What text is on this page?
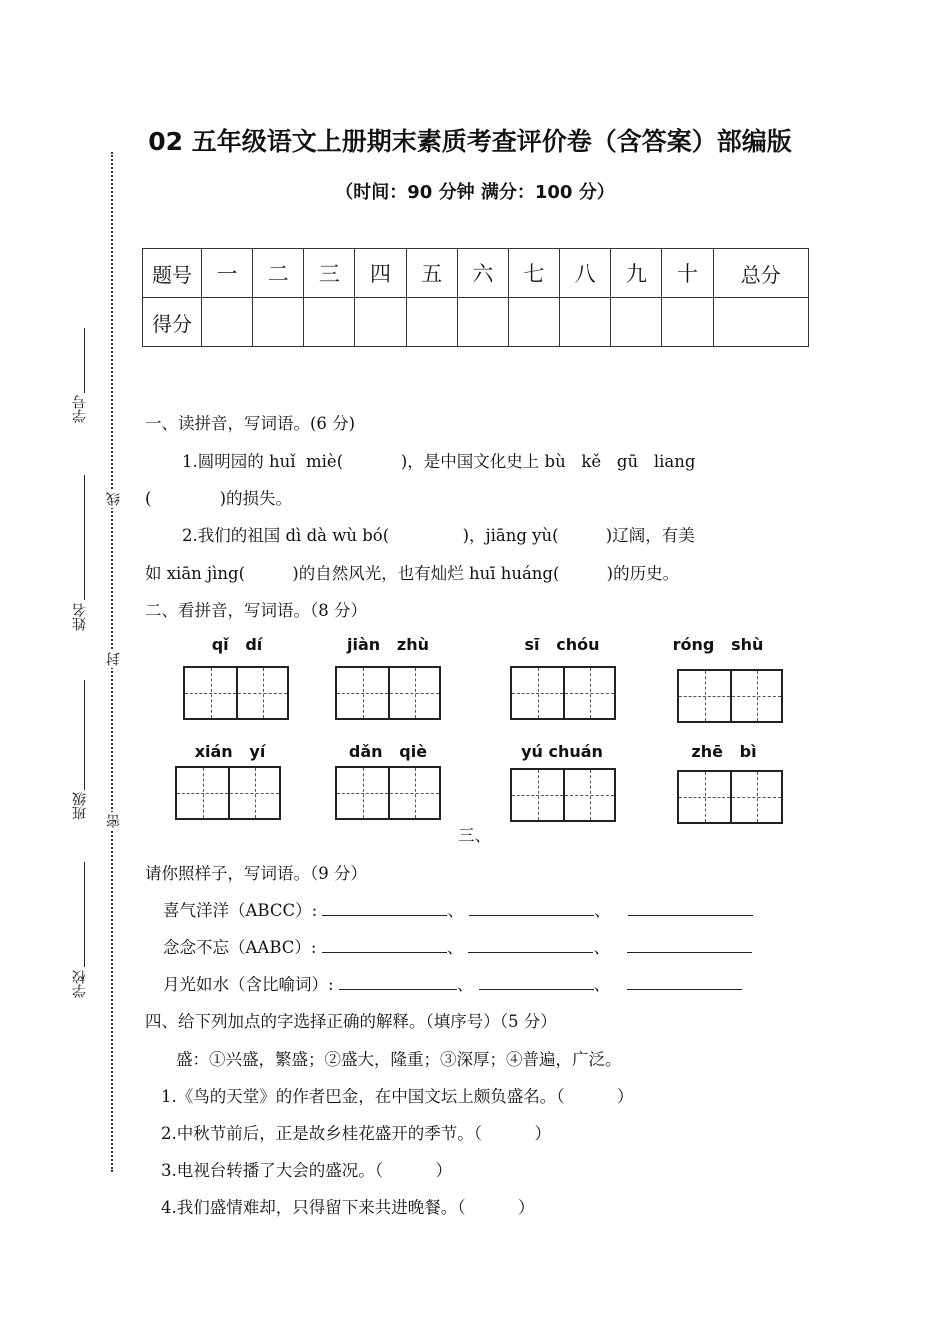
02 五年级语文上册期末素质考查评价卷（含答案）部编版
（时间：90 分钟 满分：100 分）
学号
姓名
班级
学校
线
封
密
题号	一	二	三	四	五	六	七	八	九	十	总分
得分											
一、读拼音，写词语。(6 分)
1.圆明园的 huǐ  miè(           )，是中国文化史上 bù   kě   gū   liang
(             )的损失。
2.我们的祖国 dì dà wù bó(              )，jiāng yù(         )辽阔，有美
如 xiān jìng(         )的自然风光，也有灿烂 huī huáng(         )的历史。
二、看拼音，写词语。（8 分）
qǐ   dí	jiàn   zhù	sī   chóu	róng   shù
xián   yí	dǎn   qiè	yú chuán	zhē   bì
三、
请你照样子，写词语。（9 分）
喜气洋洋（ABCC）:	、	、
念念不忘（AABC）:	、	、
月光如水（含比喻词）:	、	、
四、给下列加点的字选择正确的解释。（填序号）（5 分）
盛：①兴盛，繁盛；②盛大，隆重；③深厚；④普遍，广泛。
1.《鸟的天堂》的作者巴金，在中国文坛上颇负盛名。（          ）
2.中秋节前后，正是故乡桂花盛开的季节。（          ）
3.电视台转播了大会的盛况。（          ）
4.我们盛情难却，只得留下来共进晚餐。（          ）
